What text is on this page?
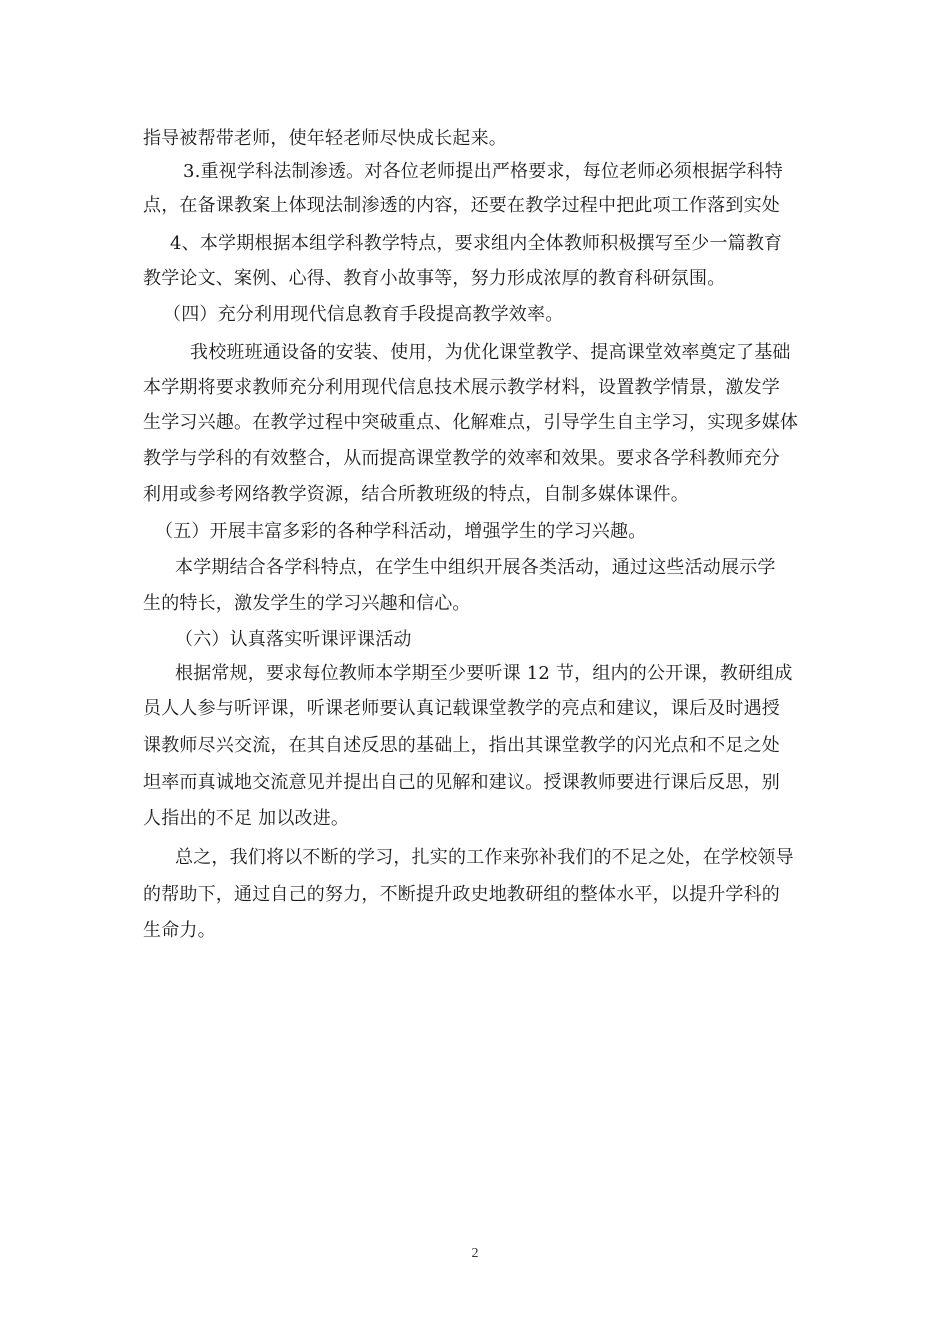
指导被帮带老师，使年轻老师尽快成长起来。
3.重视学科法制渗透。对各位老师提出严格要求，每位老师必须根据学科特
点，在备课教案上体现法制渗透的内容，还要在教学过程中把此项工作落到实处
4、本学期根据本组学科教学特点，要求组内全体教师积极撰写至少一篇教育
教学论文、案例、心得、教育小故事等，努力形成浓厚的教育科研氛围。
（四）充分利用现代信息教育手段提高教学效率。
我校班班通设备的安装、使用，为优化课堂教学、提高课堂效率奠定了基础
本学期将要求教师充分利用现代信息技术展示教学材料，设置教学情景，激发学
生学习兴趣。在教学过程中突破重点、化解难点，引导学生自主学习，实现多媒体
教学与学科的有效整合，从而提高课堂教学的效率和效果。要求各学科教师充分
利用或参考网络教学资源，结合所教班级的特点，自制多媒体课件。
（五）开展丰富多彩的各种学科活动，增强学生的学习兴趣。
本学期结合各学科特点，在学生中组织开展各类活动，通过这些活动展示学
生的特长，激发学生的学习兴趣和信心。
（六）认真落实听课评课活动
根据常规，要求每位教师本学期至少要听课 12 节，组内的公开课，教研组成
员人人参与听评课，听课老师要认真记载课堂教学的亮点和建议，课后及时遇授
课教师尽兴交流，在其自述反思的基础上，指出其课堂教学的闪光点和不足之处
坦率而真诚地交流意见并提出自己的见解和建议。授课教师要进行课后反思，别
人指出的不足 加以改进。
总之，我们将以不断的学习，扎实的工作来弥补我们的不足之处，在学校领导
的帮助下，通过自己的努力，不断提升政史地教研组的整体水平，以提升学科的
生命力。
2
